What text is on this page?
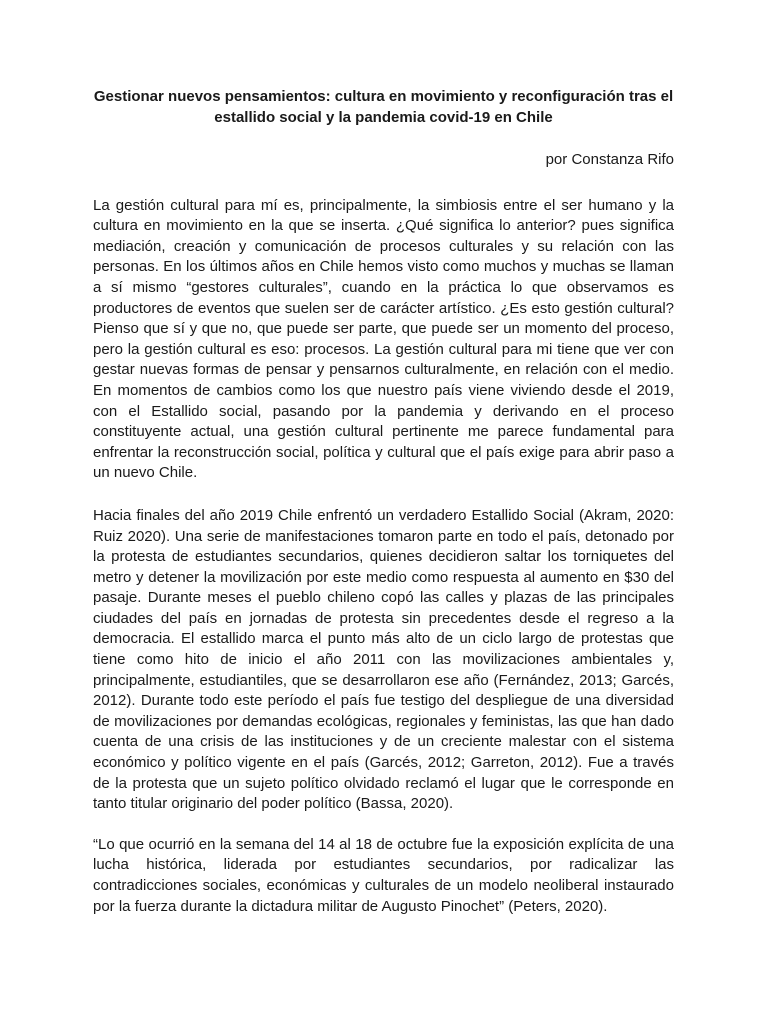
Gestionar nuevos pensamientos: cultura en movimiento y reconfiguración tras el estallido social y la pandemia covid-19 en Chile

por Constanza Rifo

La gestión cultural para mí es, principalmente, la simbiosis entre el ser humano y la cultura en movimiento en la que se inserta. ¿Qué significa lo anterior? pues significa mediación, creación y comunicación de procesos culturales y su relación con las personas. En los últimos años en Chile hemos visto como muchos y muchas se llaman a sí mismo “gestores culturales”, cuando en la práctica lo que observamos es productores de eventos que suelen ser de carácter artístico. ¿Es esto gestión cultural? Pienso que sí y que no, que puede ser parte, que puede ser un momento del proceso, pero la gestión cultural es eso: procesos. La gestión cultural para mi tiene que ver con gestar nuevas formas de pensar y pensarnos culturalmente, en relación con el medio. En momentos de cambios como los que nuestro país viene viviendo desde el 2019, con el Estallido social, pasando por la pandemia y derivando en el proceso constituyente actual, una gestión cultural pertinente me parece fundamental para enfrentar la reconstrucción social, política y cultural que el país exige para abrir paso a un nuevo Chile.

Hacia finales del año 2019 Chile enfrentó un verdadero Estallido Social (Akram, 2020: Ruiz 2020). Una serie de manifestaciones tomaron parte en todo el país, detonado por la protesta de estudiantes secundarios, quienes decidieron saltar los torniquetes del metro y detener la movilización por este medio como respuesta al aumento en $30 del pasaje. Durante meses el pueblo chileno copó las calles y plazas de las principales ciudades del país en jornadas de protesta sin precedentes desde el regreso a la democracia. El estallido marca el punto más alto de un ciclo largo de protestas que tiene como hito de inicio el año 2011 con las movilizaciones ambientales y, principalmente, estudiantiles, que se desarrollaron ese año (Fernández, 2013; Garcés, 2012). Durante todo este período el país fue testigo del despliegue de una diversidad de movilizaciones por demandas ecológicas, regionales y feministas, las que han dado cuenta de una crisis de las instituciones y de un creciente malestar con el sistema económico y político vigente en el país (Garcés, 2012; Garreton, 2012). Fue a través de la protesta que un sujeto político olvidado reclamó el lugar que le corresponde en tanto titular originario del poder político (Bassa, 2020).

“Lo que ocurrió en la semana del 14 al 18 de octubre fue la exposición explícita de una lucha histórica, liderada por estudiantes secundarios, por radicalizar las contradicciones sociales, económicas y culturales de un modelo neoliberal instaurado por la fuerza durante la dictadura militar de Augusto Pinochet” (Peters, 2020).
